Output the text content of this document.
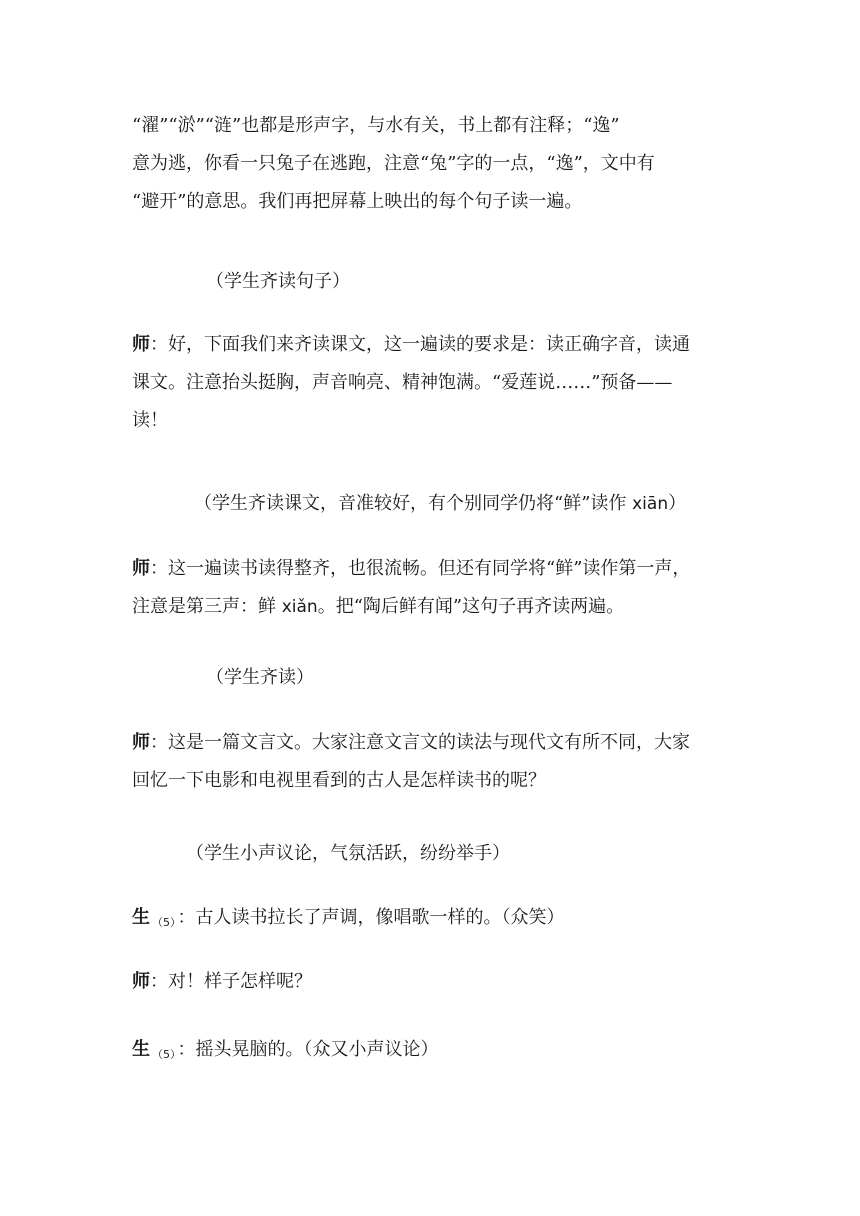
“濯”“淤”“涟”也都是形声字，与水有关，书上都有注释；“逸”
意为逃，你看一只兔子在逃跑，注意“兔”字的一点，“逸”，文中有
“避开”的意思。我们再把屏幕上映出的每个句子读一遍。
（学生齐读句子）
师：好，下面我们来齐读课文，这一遍读的要求是：读正确字音，读通
课文。注意抬头挺胸，声音响亮、精神饱满。“爱莲说……”预备——
读！
（学生齐读课文，音准较好，有个别同学仍将“鲜”读作 xiān）
师：这一遍读书读得整齐，也很流畅。但还有同学将“鲜”读作第一声，
注意是第三声：鲜 xiǎn。把“陶后鲜有闻”这句子再齐读两遍。
（学生齐读）
师：这是一篇文言文。大家注意文言文的读法与现代文有所不同，大家
回忆一下电影和电视里看到的古人是怎样读书的呢？
（学生小声议论，气氛活跃，纷纷举手）
生 $_{(5)}$ ：古人读书拉长了声调，像唱歌一样的。（众笑）
师：对！样子怎样呢？
生 $_{(5)}$ ：摇头晃脑的。（众又小声议论）
